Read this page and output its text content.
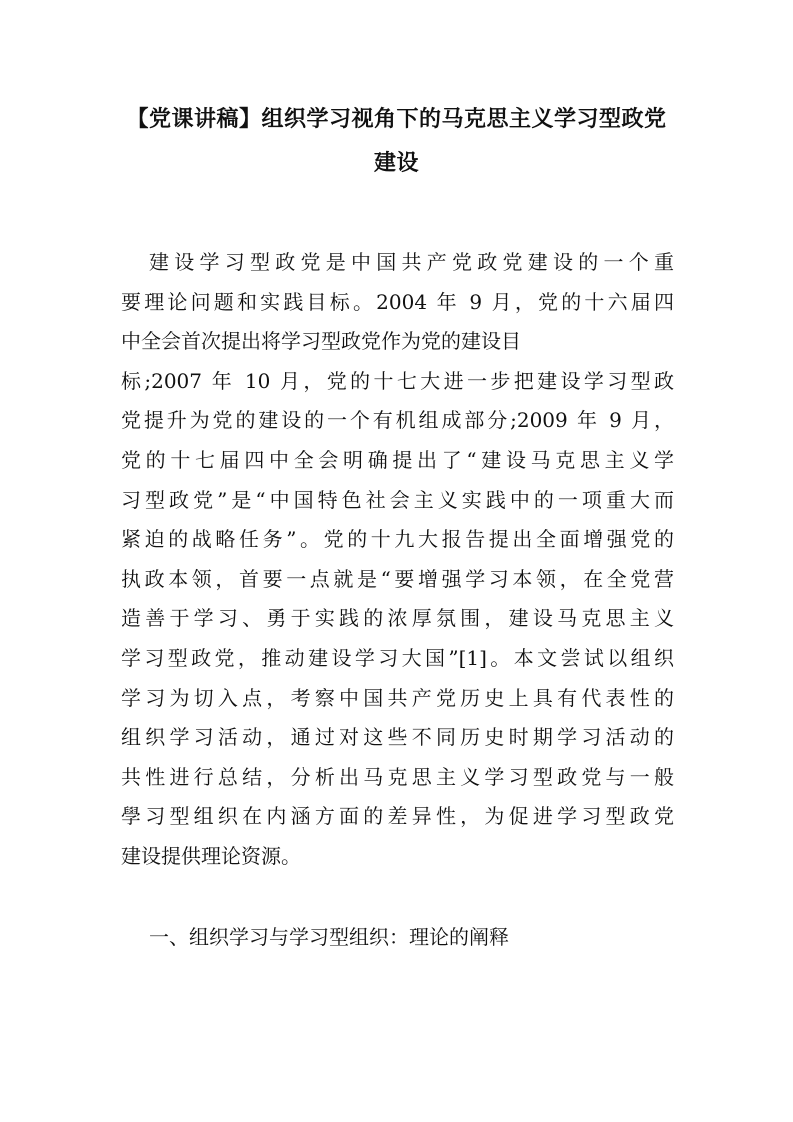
【党课讲稿】组织学习视角下的马克思主义学习型政党
建设
建设学习型政党是中国共产党政党建设的一个重
要理论问题和实践目标。2004 年 9 月，党的十六届四
中全会首次提出将学习型政党作为党的建设目
标;2007 年 10 月，党的十七大进一步把建设学习型政
党提升为党的建设的一个有机组成部分;2009 年 9 月，
党的十七届四中全会明确提出了“建设马克思主义学
习型政党”是“中国特色社会主义实践中的一项重大而
紧迫的战略任务”。党的十九大报告提出全面增强党的
执政本领，首要一点就是“要增强学习本领，在全党营
造善于学习、勇于实践的浓厚氛围，建设马克思主义
学习型政党，推动建设学习大国”[1]。本文尝试以组织
学习为切入点，考察中国共产党历史上具有代表性的
组织学习活动，通过对这些不同历史时期学习活动的
共性进行总结，分析出马克思主义学习型政党与一般
學习型组织在内涵方面的差异性，为促进学习型政党
建设提供理论资源。
一、组织学习与学习型组织：理论的阐释
